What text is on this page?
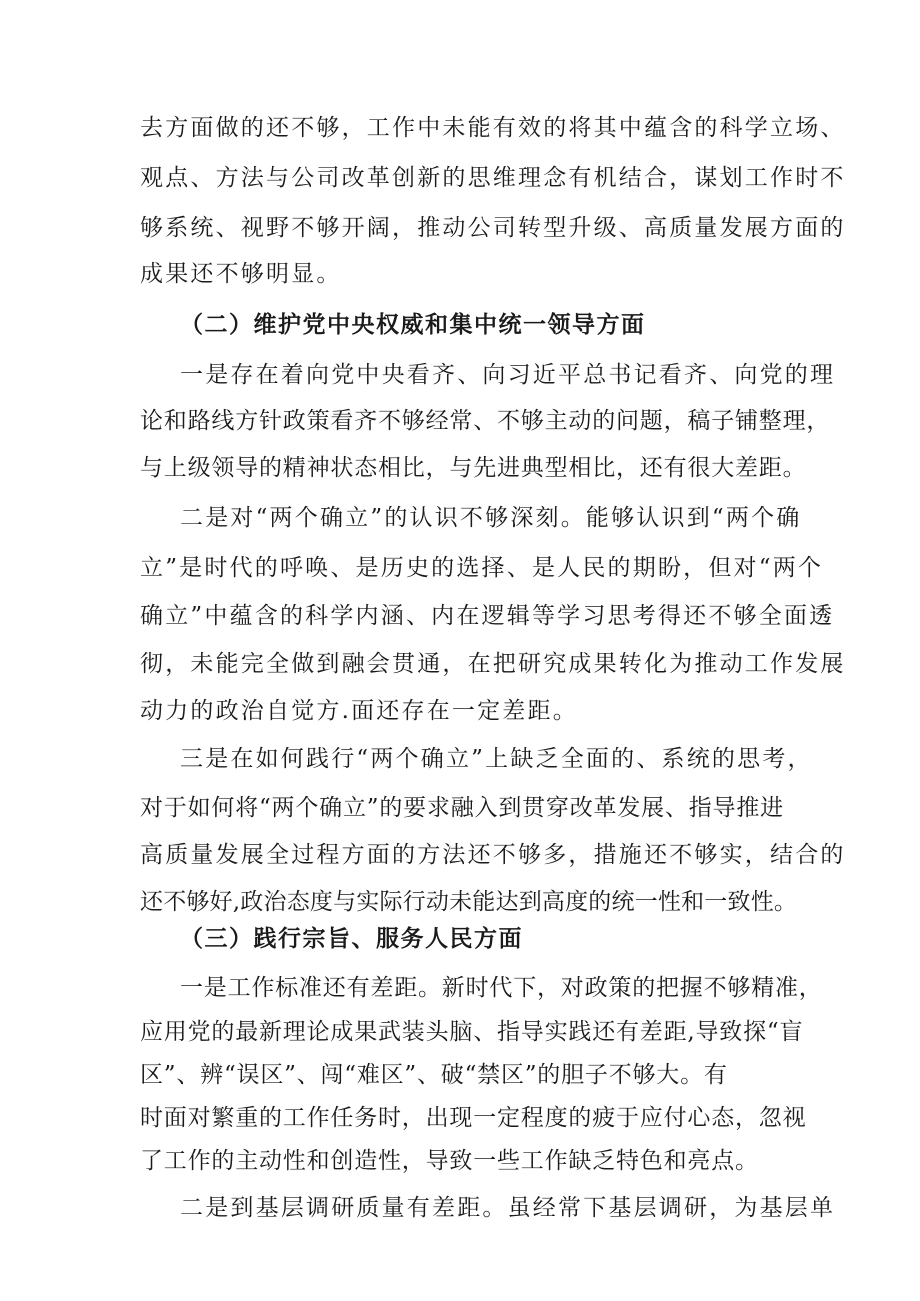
去方面做的还不够，工作中未能有效的将其中蕴含的科学立场、
观点、方法与公司改革创新的思维理念有机结合，谋划工作时不
够系统、视野不够开阔，推动公司转型升级、高质量发展方面的
成果还不够明显。
（二）维护党中央权威和集中统一领导方面
一是存在着向党中央看齐、向习近平总书记看齐、向党的理
论和路线方针政策看齐不够经常、不够主动的问题，稿子铺整理，
与上级领导的精神状态相比，与先进典型相比，还有很大差距。
二是对“两个确立”的认识不够深刻。能够认识到“两个确
立”是时代的呼唤、是历史的选择、是人民的期盼，但对“两个
确立”中蕴含的科学内涵、内在逻辑等学习思考得还不够全面透
彻，未能完全做到融会贯通，在把研究成果转化为推动工作发展
动力的政治自觉方.面还存在一定差距。
三是在如何践行“两个确立”上缺乏全面的、系统的思考，
对于如何将“两个确立”的要求融入到贯穿改革发展、指导推进
高质量发展全过程方面的方法还不够多，措施还不够实，结合的
还不够好,政治态度与实际行动未能达到高度的统一性和一致性。
（三）践行宗旨、服务人民方面
一是工作标准还有差距。新时代下，对政策的把握不够精准，
应用党的最新理论成果武装头脑、指导实践还有差距,导致探“盲
区”、辨“误区”、闯“难区”、破“禁区”的胆子不够大。有
时面对繁重的工作任务时，出现一定程度的疲于应付心态，忽视
了工作的主动性和创造性，导致一些工作缺乏特色和亮点。
二是到基层调研质量有差距。虽经常下基层调研，为基层单
